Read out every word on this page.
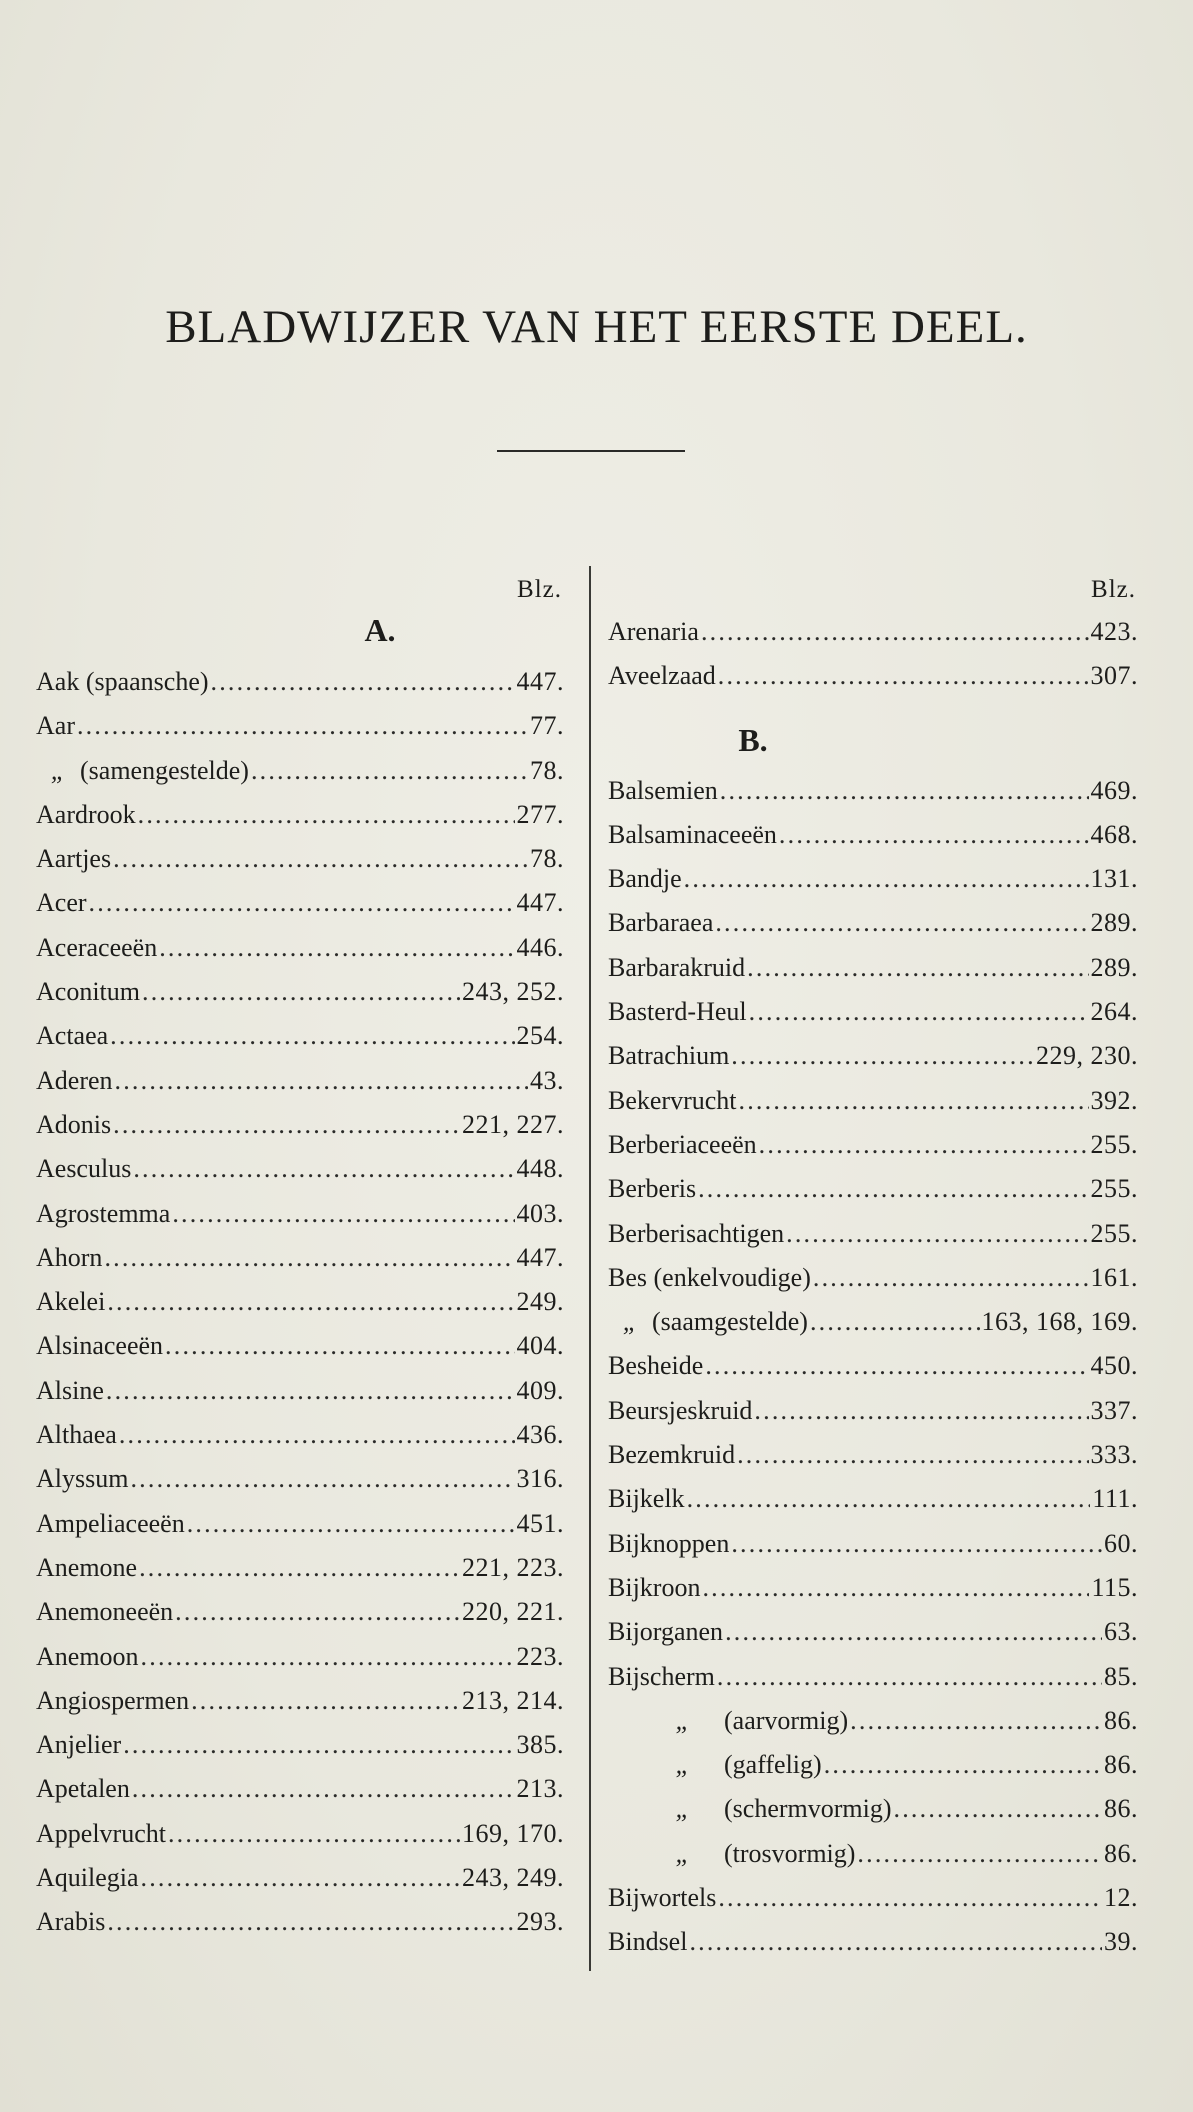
BLADWIJZER VAN HET EERSTE DEEL.
Blz.
A.
Aak (spaansche) .....	447.
Aar .....	77.
„ (samengestelde) .....	78.
Aardrook .....	277.
Aartjes .....	78.
Acer .....	447.
Aceraceeën .....	446.
Aconitum .....	243, 252.
Actaea .....	254.
Aderen .....	43.
Adonis .....	221, 227.
Aesculus .....	448.
Agrostemma .....	403.
Ahorn .....	447.
Akelei .....	249.
Alsinaceeën .....	404.
Alsine .....	409.
Althaea .....	436.
Alyssum .....	316.
Ampeliaceeën .....	451.
Anemone .....	221, 223.
Anemoneeën .....	220, 221.
Anemoon .....	223.
Angiospermen .....	213, 214.
Anjelier .....	385.
Apetalen .....	213.
Appelvrucht .....	169, 170.
Aquilegia .....	243, 249.
Arabis .....	293.
Blz.
Arenaria .....	423.
Aveelzaad .....	307.
B.
Balsemien .....	469.
Balsaminaceeën .....	468.
Bandje .....	131.
Barbaraea .....	289.
Barbarakruid .....	289.
Basterd-Heul .....	264.
Batrachium .....	229, 230.
Bekervrucht .....	392.
Berberiaceeën .....	255.
Berberis .....	255.
Berberisachtigen .....	255.
Bes (enkelvoudige) .....	161.
„ (saamgestelde) .....	163, 168, 169.
Besheide .....	450.
Beursjeskruid .....	337.
Bezemkruid .....	333.
Bijkelk .....	111.
Bijknoppen .....	60.
Bijkroon .....	115.
Bijorganen .....	63.
Bijscherm .....	85.
„	(aarvormig) .....	86.
„	(gaffelig) .....	86.
„	(schermvormig) .....	86.
„	(trosvormig) .....	86.
Bijwortels .....	12.
Bindsel .....	39.
